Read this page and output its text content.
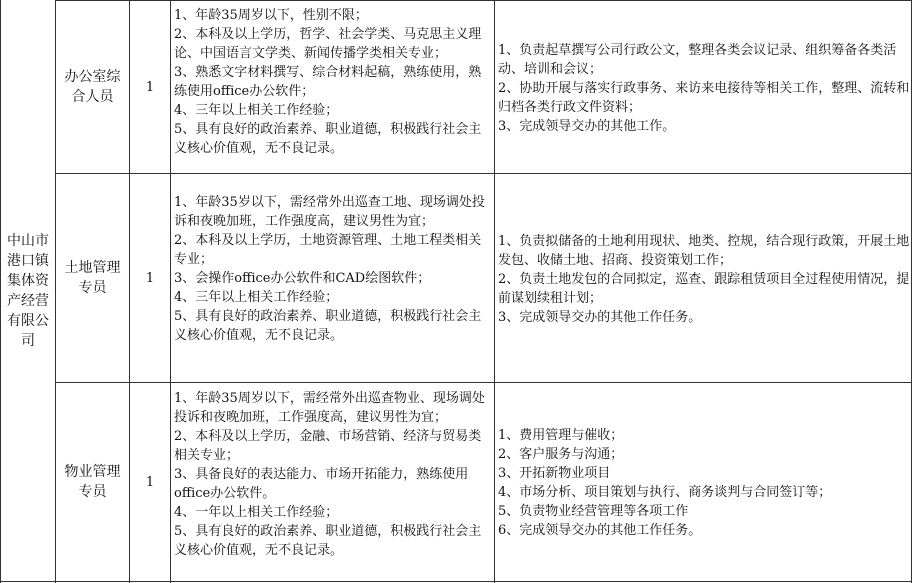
中山市港口镇集体资产经营有限公司
办公室综合人员
1
1、年龄35周岁以下，性别不限；
2、本科及以上学历，哲学、社会学类、马克思主义理论、中国语言文学类、新闻传播学类相关专业；
3、熟悉文字材料撰写、综合材料起稿，熟练使用，熟练使用office办公软件；
4、三年以上相关工作经验；
5、具有良好的政治素养、职业道德，积极践行社会主义核心价值观，无不良记录。
1、负责起草撰写公司行政公文，整理各类会议记录、组织筹备各类活动、培训和会议；
2、协助开展与落实行政事务、来访来电接待等相关工作，整理、流转和归档各类行政文件资料；
3、完成领导交办的其他工作。
土地管理专员
1
1、年龄35岁以下，需经常外出巡查工地、现场调处投诉和夜晚加班，工作强度高，建议男性为宜；
2、本科及以上学历，土地资源管理、土地工程类相关专业；
3、会操作office办公软件和CAD绘图软件；
4、三年以上相关工作经验；
5、具有良好的政治素养、职业道德，积极践行社会主义核心价值观，无不良记录。
1、负责拟储备的土地利用现状、地类、控规，结合现行政策，开展土地发包、收储土地、招商、投资策划工作；
2、负责土地发包的合同拟定，巡查、跟踪租赁项目全过程使用情况，提前谋划续租计划；
3、完成领导交办的其他工作任务。
物业管理专员
1
1、年龄35周岁以下，需经常外出巡查物业、现场调处投诉和夜晚加班，工作强度高，建议男性为宜；
2、本科及以上学历，金融、市场营销、经济与贸易类相关专业；
3、具备良好的表达能力、市场开拓能力，熟练使用office办公软件。
4、一年以上相关工作经验；
5、具有良好的政治素养、职业道德，积极践行社会主义核心价值观，无不良记录。
1、费用管理与催收；
2、客户服务与沟通；
3、开拓新物业项目
4、市场分析、项目策划与执行、商务谈判与合同签订等；
5、负责物业经营管理等各项工作
6、完成领导交办的其他工作任务。
